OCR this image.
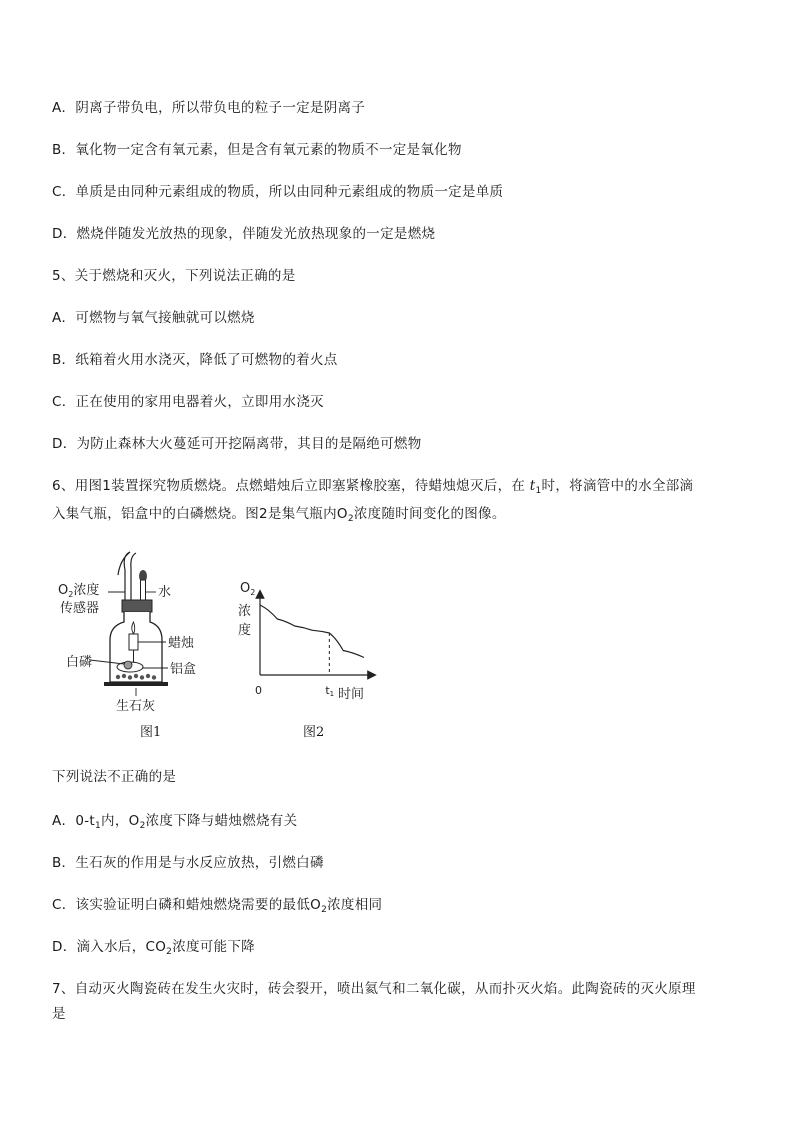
A．阴离子带负电，所以带负电的粒子一定是阴离子
B．氧化物一定含有氧元素，但是含有氧元素的物质不一定是氧化物
C．单质是由同种元素组成的物质，所以由同种元素组成的物质一定是单质
D．燃烧伴随发光放热的现象，伴随发光放热现象的一定是燃烧
5、关于燃烧和灭火，下列说法正确的是
A．可燃物与氧气接触就可以燃烧
B．纸箱着火用水浇灭，降低了可燃物的着火点
C．正在使用的家用电器着火，立即用水浇灭
D．为防止森林大火蔓延可开挖隔离带，其目的是隔绝可燃物
6、用图1装置探究物质燃烧。点燃蜡烛后立即塞紧橡胶塞，待蜡烛熄灭后，在 $t_1$时，将滴管中的水全部滴
入集气瓶，铝盒中的白磷燃烧。图2是集气瓶内$O_2$浓度随时间变化的图像。
$O_2$浓度
传感器
水
蜡烛
白磷	铝盒
生石灰
图1
$O_2$
浓
度
0	t1 时间
图2
下列说法不正确的是
A．$0-t_1$内，$O_2$浓度下降与蜡烛燃烧有关
B．生石灰的作用是与水反应放热，引燃白磷
C．该实验证明白磷和蜡烛燃烧需要的最低$O_2$浓度相同
D．滴入水后，$CO_2$浓度可能下降
7、自动灭火陶瓷砖在发生火灾时，砖会裂开，喷出氦气和二氧化碳，从而扑灭火焰。此陶瓷砖的灭火原理
是
